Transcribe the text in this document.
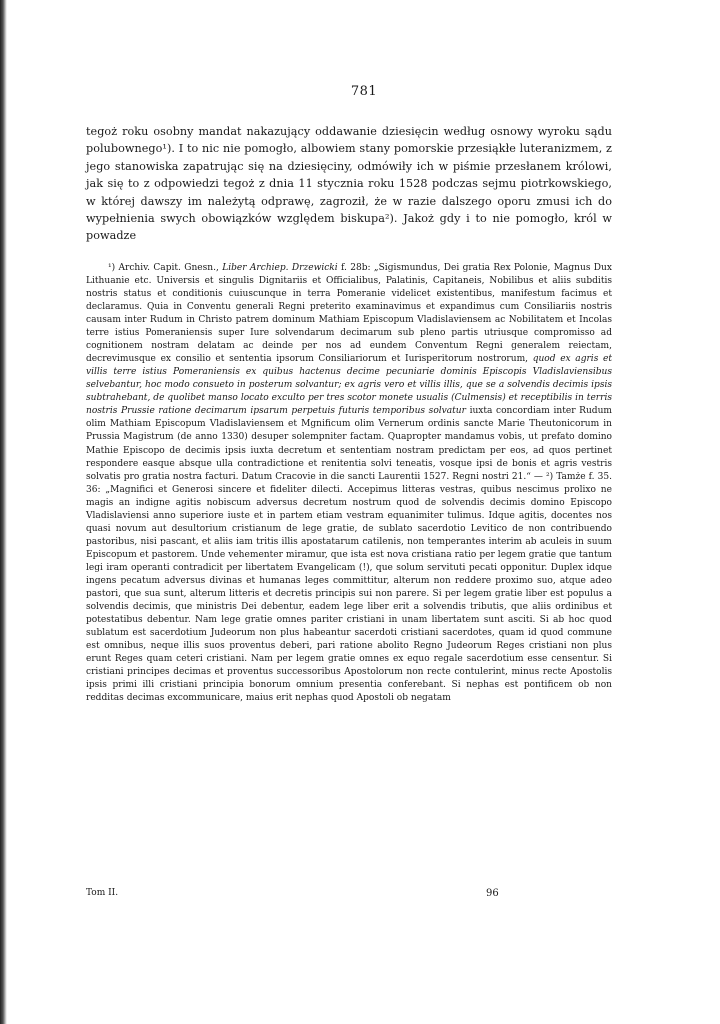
781

tegoż roku osobny mandat nakazujący oddawanie dziesięcin według osnowy wyroku sądu polubownego¹). I to nic nie pomogło, albowiem stany pomorskie przesiąkłe luteranizmem, z jego stanowiska zapatrując się na dziesięciny, odmówiły ich w piśmie przesłanem królowi, jak się to z odpowiedzi tegoż z dnia 11 stycznia roku 1528 podczas sejmu piotrkowskiego, w której dawszy im należytą odprawę, zagroził, że w razie dalszego oporu zmusi ich do wypełnienia swych obowiązków względem biskupa²). Jakoż gdy i to nie pomogło, król w powadze

¹) Archiv. Capit. Gnesn., Liber Archiep. Drzewicki f. 28b: „Sigismundus, Dei gratia Rex Polonie, Magnus Dux Lithuanie etc. Universis et singulis Dignitariis et Officialibus, Palatinis, Capitaneis, Nobilibus et aliis subditis nostris status et conditionis cuiuscunque in terra Pomeranie videlicet existentibus, manifestum facimus et declaramus. Quia in Conventu generali Regni preterito examinavimus et expandimus cum Consiliariis nostris causam inter Rudum in Christo patrem dominum Mathiam Episcopum Vladislaviensem ac Nobilitatem et Incolas terre istius Pomeraniensis super Iure solvendarum decimarum sub pleno partis utriusque compromisso ad cognitionem nostram delatam ac deinde per nos ad eundem Conventum Regni generalem reiectam, decrevimusque ex consilio et sententia ipsorum Consiliariorum et Iurisperitorum nostrorum, quod ex agris et villis terre istius Pomeraniensis ex quibus hactenus decime pecuniarie dominis Episcopis Vladislaviensibus selvebantur, hoc modo consueto in posterum solvantur; ex agris vero et villis illis, que se a solvendis decimis ipsis subtrahebant, de quolibet manso locato exculto per tres scotor monete usualis (Culmensis) et receptibilis in terris nostris Prussie ratione decimarum ipsarum perpetuis futuris temporibus solvatur iuxta concordiam inter Rudum olim Mathiam Episcopum Vladislaviensem et Mgnificum olim Vernerum ordinis sancte Marie Theutonicorum in Prussia Magistrum (de anno 1330) desuper solempniter factam. Quapropter mandamus vobis, ut prefato domino Mathie Episcopo de decimis ipsis iuxta decretum et sententiam nostram predictam per eos, ad quos pertinet respondere easque absque ulla contradictione et renitentia solvi teneatis, vosque ipsi de bonis et agris vestris solvatis pro gratia nostra facturi. Datum Cracovie in die sancti Laurentii 1527. Regni nostri 21.“ — ²) Tamże f. 35. 36: „Magnifici et Generosi sincere et fideliter dilecti. Accepimus litteras vestras, quibus nescimus prolixo ne magis an indigne agitis nobiscum adversus decretum nostrum quod de solvendis decimis domino Episcopo Vladislaviensi anno superiore iuste et in partem etiam vestram equanimiter tulimus. Idque agitis, docentes nos quasi novum aut desultorium cristianum de lege gratie, de sublato sacerdotio Levitico de non contribuendo pastoribus, nisi pascant, et aliis iam tritis illis apostatarum catilenis, non temperantes interim ab aculeis in suum Episcopum et pastorem. Unde vehementer miramur, que ista est nova cristiana ratio per legem gratie que tantum legi iram operanti contradicit per libertatem Evangelicam (!), que solum servituti pecati opponitur. Duplex idque ingens pecatum adversus divinas et humanas leges committitur, alterum non reddere proximo suo, atque adeo pastori, que sua sunt, alterum litteris et decretis principis sui non parere. Si per legem gratie liber est populus a solvendis decimis, que ministris Dei debentur, eadem lege liber erit a solvendis tributis, que aliis ordinibus et potestatibus debentur. Nam lege gratie omnes pariter cristiani in unam libertatem sunt asciti. Si ab hoc quod sublatum est sacerdotium Judeorum non plus habeantur sacerdoti cristiani sacerdotes, quam id quod commune est omnibus, neque illis suos proventus deberi, pari ratione abolito Regno Judeorum Reges cristiani non plus erunt Reges quam ceteri cristiani. Nam per legem gratie omnes ex equo regale sacerdotium esse censentur. Si cristiani principes decimas et proventus successoribus Apostolorum non recte contulerint, minus recte Apostolis ipsis primi illi cristiani principia bonorum omnium presentia conferebant. Si nephas est pontificem ob non redditas decimas excommunicare, maius erit nephas quod Apostoli ob negatam

Tom II.	96
